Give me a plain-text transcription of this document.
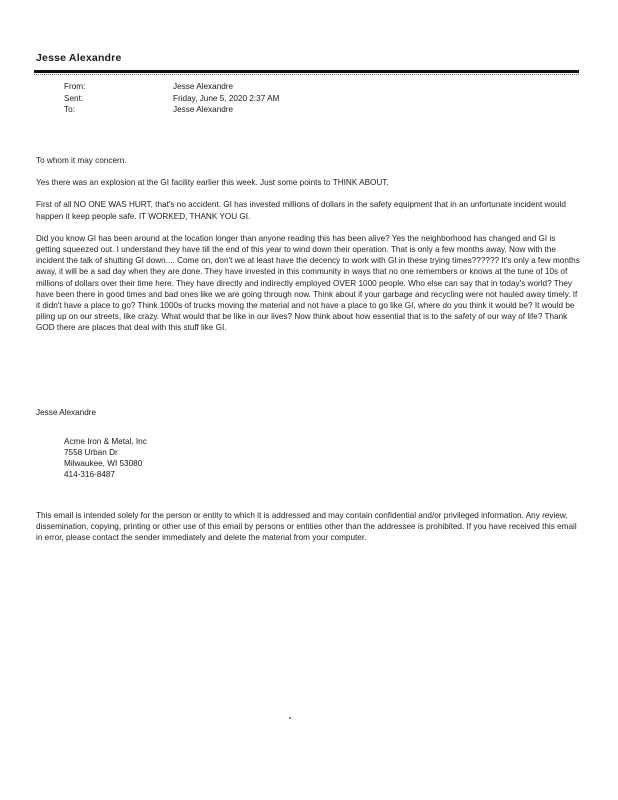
Jesse Alexandre
From:	Jesse Alexandre
Sent:	Friday, June 5, 2020 2:37 AM
To:	Jesse Alexandre

To whom it may concern.

Yes there was an explosion at the GI facility earlier this week. Just some points to THINK ABOUT.

First of all NO ONE WAS HURT, that's no accident. GI has invested millions of dollars in the safety equipment that in an unfortunate incident would happen it keep people safe. IT WORKED, THANK YOU GI.

Did you know GI has been around at the location longer than anyone reading this has been alive? Yes the neighborhood has changed and GI is getting squeezed out. I understand they have till the end of this year to wind down their operation. That is only a few months away. Now with the incident the talk of shutting GI down.... Come on, don't we at least have the decency to work with GI in these trying times?????? It's only a few months away, it will be a sad day when they are done. They have invested in this community in ways that no one remembers or knows at the tune of 10s of millions of dollars over their time here. They have directly and indirectly employed OVER 1000 people. Who else can say that in today's world? They have been there in good times and bad ones like we are going through now. Think about if your garbage and recycling were not hauled away timely. If it didn't have a place to go? Think 1000s of trucks moving the material and not have a place to go like GI, where do you think it would be? It would be piling up on our streets, like crazy. What would that be like in our lives? Now think about how essential that is to the safety of our way of life? Thank GOD there are places that deal with this stuff like GI.

Jesse Alexandre
Acme Iron & Metal, Inc
7558 Urban Dr
Milwaukee, WI 53080
414-316-8487
This email is intended solely for the person or entity to which it is addressed and may contain confidential and/or privileged information. Any review, dissemination, copying, printing or other use of this email by persons or entities other than the addressee is prohibited. If you have received this email in error, please contact the sender immediately and delete the material from your computer.
